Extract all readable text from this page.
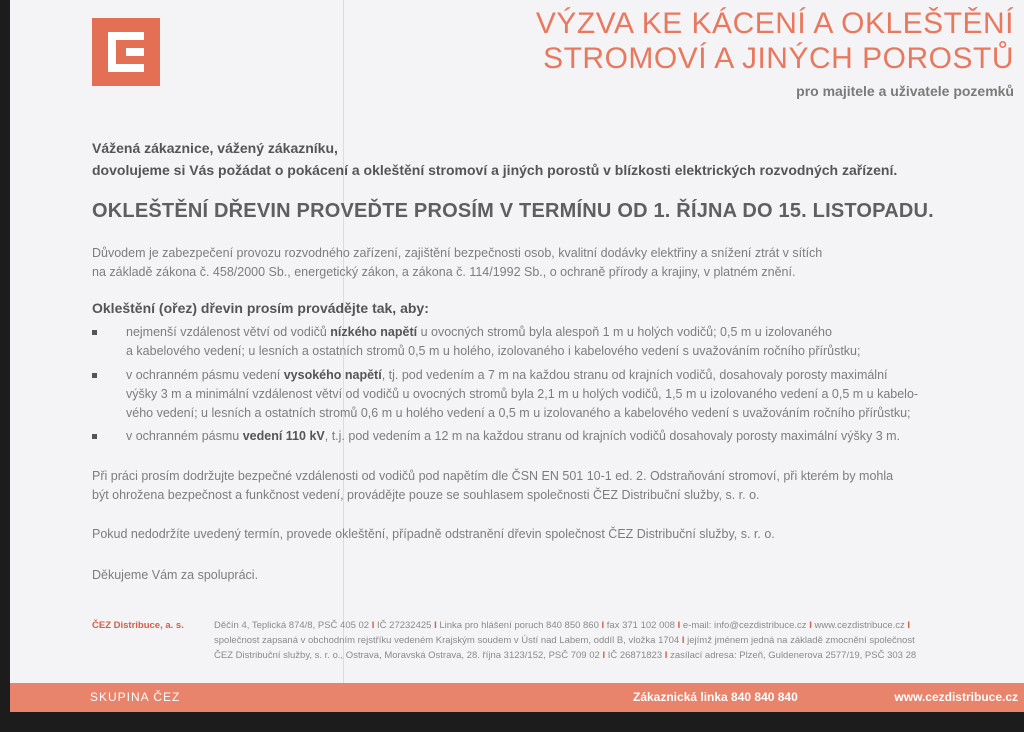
VÝZVA KE KÁCENÍ A OKLEŠTĚNÍ
STROMOVÍ A JINÝCH POROSTŮ
pro majitele a uživatele pozemků
Vážená zákaznice, vážený zákazníku,
dovolujeme si Vás požádat o pokácení a okleštění stromoví a jiných porostů v blízkosti elektrických rozvodných zařízení.
OKLEŠTĚNÍ DŘEVIN PROVEĎTE PROSÍM V TERMÍNU OD 1. ŘÍJNA DO 15. LISTOPADU.
Důvodem je zabezpečení provozu rozvodného zařízení, zajištění bezpečnosti osob, kvalitní dodávky elektřiny a snížení ztrát v sítích
na základě zákona č. 458/2000 Sb., energetický zákon, a zákona č. 114/1992 Sb., o ochraně přírody a krajiny, v platném znění.
Okleštění (ořez) dřevin prosím provádějte tak, aby:
nejmenší vzdálenost větví od vodičů nízkého napětí u ovocných stromů byla alespoň 1 m u holých vodičů; 0,5 m u izolovaného
a kabelového vedení; u lesních a ostatních stromů 0,5 m u holého, izolovaného i kabelového vedení s uvažováním ročního přírůstku;
v ochranném pásmu vedení vysokého napětí, tj. pod vedením a 7 m na každou stranu od krajních vodičů, dosahovaly porosty maximální
výšky 3 m a minimální vzdálenost větví od vodičů u ovocných stromů byla 2,1 m u holých vodičů, 1,5 m u izolovaného vedení a 0,5 m u kabelo-
vého vedení; u lesních a ostatních stromů 0,6 m u holého vedení a 0,5 m u izolovaného a kabelového vedení s uvažováním ročního přírůstku;
v ochranném pásmu vedení 110 kV, t.j. pod vedením a 12 m na každou stranu od krajních vodičů dosahovaly porosty maximální výšky 3 m.
Při práci prosím dodržujte bezpečné vzdálenosti od vodičů pod napětím dle ČSN EN 501 10-1 ed. 2. Odstraňování stromoví, při kterém by mohla
být ohrožena bezpečnost a funkčnost vedení, provádějte pouze se souhlasem společnosti ČEZ Distribuční služby, s. r. o.
Pokud nedodržíte uvedený termín, provede okleštění, případně odstranění dřevin společnost ČEZ Distribuční služby, s. r. o.
Děkujeme Vám za spolupráci.
ČEZ Distribuce, a. s.	Děčín 4, Teplická 874/8, PSČ 405 02 I IČ 27232425 I Linka pro hlášení poruch 840 850 860 I fax 371 102 008 I e-mail: info@cezdistribuce.cz I www.cezdistribuce.cz I
společnost zapsaná v obchodním rejstříku vedeném Krajským soudem v Ústí nad Labem, oddíl B, vložka 1704 I jejímž jménem jedná na základě zmocnění společnost
ČEZ Distribuční služby, s. r. o., Ostrava, Moravská Ostrava, 28. října 3123/152, PSČ 709 02 I IČ 26871823 I zasílací adresa: Plzeň, Guldenerova 2577/19, PSČ 303 28
SKUPINA ČEZ	Zákaznická linka 840 840 840	www.cezdistribuce.cz
